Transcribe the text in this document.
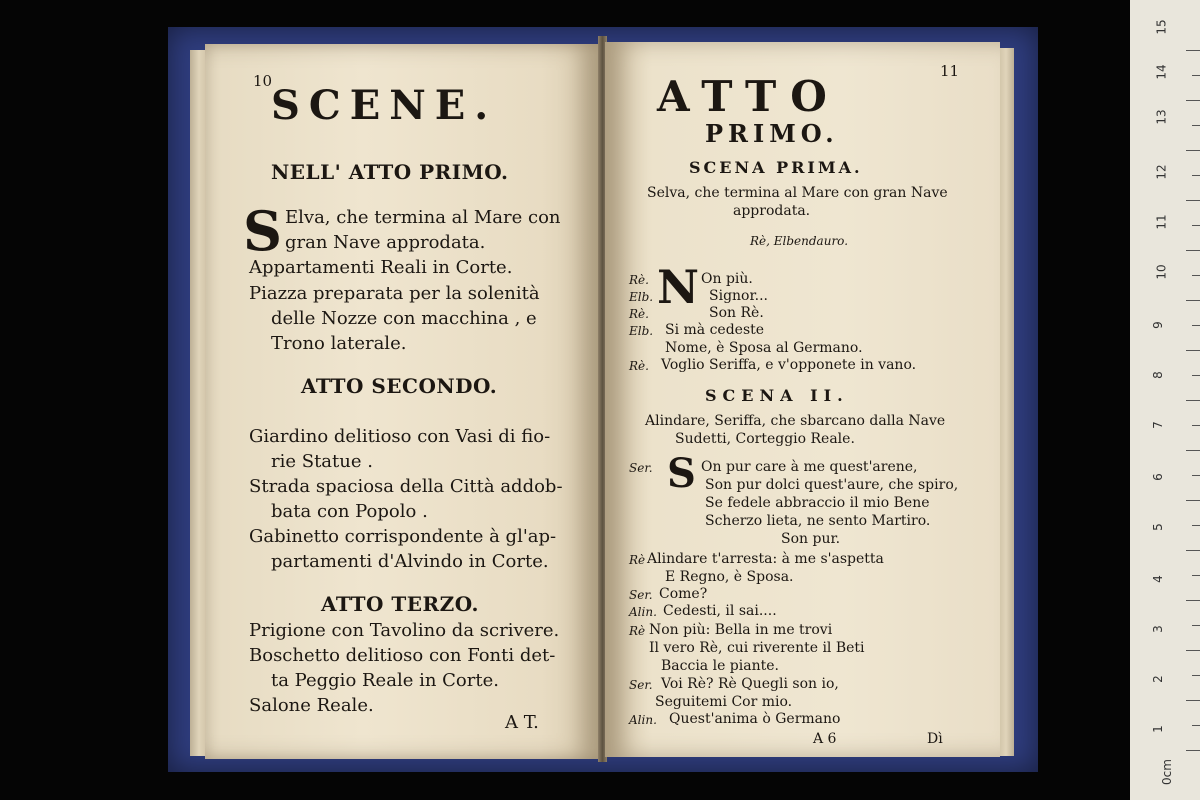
10
SCENE.
NELL' ATTO PRIMO.
S Elva, che termina al Mare con
gran Nave approdata.
Appartamenti Reali in Corte.
Piazza preparata per la solenità
delle Nozze con macchina , e
Trono laterale.
ATTO SECONDO.
Giardino delitioso con Vasi di fio-
rie Statue .
Strada spaciosa della Città addob-
bata con Popolo .
Gabinetto corrispondente à gl'ap-
partamenti d'Alvindo in Corte.
ATTO TERZO.
Prigione con Tavolino da scrivere.
Boschetto delitioso con Fonti det-
ta Peggio Reale in Corte.
Salone Reale.
A T.
11
ATTO
PRIMO.
SCENA PRIMA.
Selva, che termina al Mare con gran Nave
approdata.
Rè, Elbendauro.
N
Rè.	On più.
Elb.	Signor...
Rè.	Son Rè.
Elb. Si mà cedeste
Nome, è Sposa al Germano.
Rè. Voglio Seriffa, e v'opponete in vano.
SCENA II.
Alindare, Seriffa, che sbarcano dalla Nave
Sudetti, Corteggio Reale.
Ser. S On pur care à me quest'arene,
Son pur dolci quest'aure, che spiro,
Se fedele abbraccio il mio Bene
Scherzo lieta, ne sento Martiro.
Son pur.
Rè Alindare t'arresta: à me s'aspetta
E Regno, è Sposa.
Ser. Come?
Alin. Cedesti, il sai....
Rè Non più: Bella in me trovi
Il vero Rè, cui riverente il Beti
Baccia le piante.
Ser. Voi Rè? Rè Quegli son io,
Seguitemi Cor mio.
Alin. Quest'anima ò Germano
A 6	Dì
15
14
13
12
11
10
9
8
7
6
5
4
3
2
1
0cm
